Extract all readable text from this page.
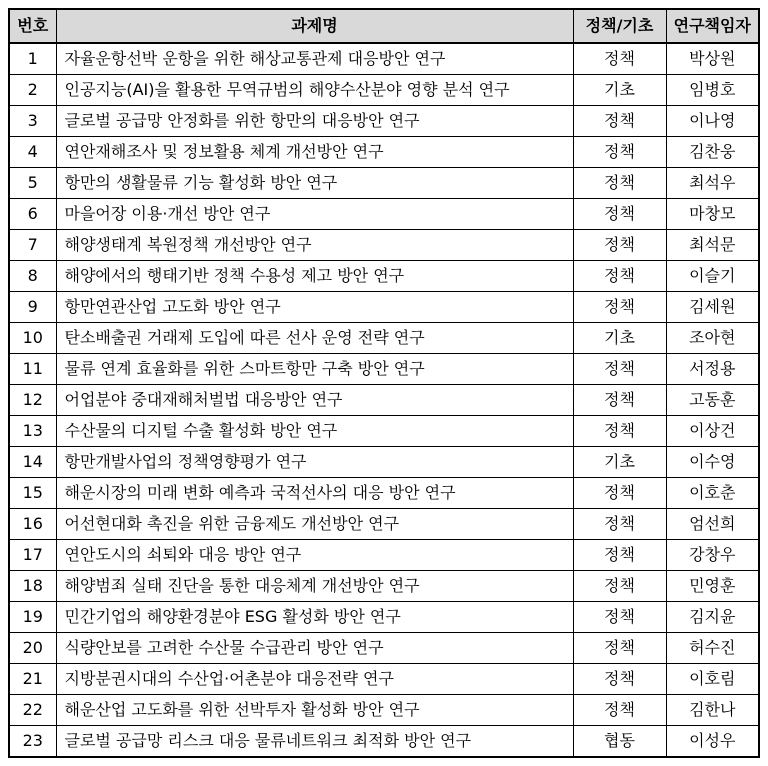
번호	과제명	정책/기초	연구책임자
1	자율운항선박 운항을 위한 해상교통관제 대응방안 연구	정책	박상원
2	인공지능(AI)을 활용한 무역규범의 해양수산분야 영향 분석 연구	기초	임병호
3	글로벌 공급망 안정화를 위한 항만의 대응방안 연구	정책	이나영
4	연안재해조사 및 정보활용 체계 개선방안 연구	정책	김찬웅
5	항만의 생활물류 기능 활성화 방안 연구	정책	최석우
6	마을어장 이용·개선 방안 연구	정책	마창모
7	해양생태계 복원정책 개선방안 연구	정책	최석문
8	해양에서의 행태기반 정책 수용성 제고 방안 연구	정책	이슬기
9	항만연관산업 고도화 방안 연구	정책	김세원
10	탄소배출권 거래제 도입에 따른 선사 운영 전략 연구	기초	조아현
11	물류 연계 효율화를 위한 스마트항만 구축 방안 연구	정책	서정용
12	어업분야 중대재해처벌법 대응방안 연구	정책	고동훈
13	수산물의 디지털 수출 활성화 방안 연구	정책	이상건
14	항만개발사업의 정책영향평가 연구	기초	이수영
15	해운시장의 미래 변화 예측과 국적선사의 대응 방안 연구	정책	이호춘
16	어선현대화 촉진을 위한 금융제도 개선방안 연구	정책	엄선희
17	연안도시의 쇠퇴와 대응 방안 연구	정책	강창우
18	해양범죄 실태 진단을 통한 대응체계 개선방안 연구	정책	민영훈
19	민간기업의 해양환경분야 ESG 활성화 방안 연구	정책	김지윤
20	식량안보를 고려한 수산물 수급관리 방안 연구	정책	허수진
21	지방분권시대의 수산업·어촌분야 대응전략 연구	정책	이호림
22	해운산업 고도화를 위한 선박투자 활성화 방안 연구	정책	김한나
23	글로벌 공급망 리스크 대응 물류네트워크 최적화 방안 연구	협동	이성우
